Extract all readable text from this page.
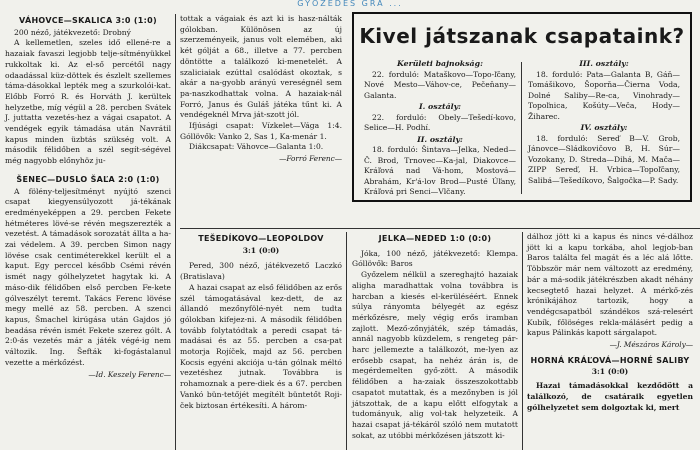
GYŐZEDES GRA ...
VÁHOVCE—SKALICA 3:0 (1:0)

200 néző, játékvezető: Drobný

A kellemetlen, szeles idő ellené-re a hazaiak favaszi legjobb telje-sítményükkel rukkoltak ki. Az el-ső percétől nagy odaadással küz-döttek és észlelt szellemes táma-dásokkal lepték meg a szurkolói-kat. Előbb Forró R. és Horváth J. kerültek helyzetbe, míg végül a 28. percben Svátek J. juttatta vezetés-hez a vágai csapatot. A vendégek egyik támadása után Navrátil kapus minden üzbtás szükség volt. A második félidőben a szél segít-ségével még nagyobb előnyhöz ju-

ŠENEC—DUSLO ŠAĽA 2:0 (1:0)

A fölény-teljesítményt nyújtó szenci csapat kiegyensúlyozott já-tékának eredményeképpen a 29. percben Fekete hétméteres lövé-se révén megszerezték a vezetést. A támadások sorozatát állta a ha-zai védelem. A 39. percben Simon nagy lövése csak centiméterekkel került el a kaput. Egy perccel később Csémi révén ismét nagy gólhelyzetet hagytak ki. A máso-dik félidőben első percben Fe-kete gólveszélyt teremt. Takács Ferenc lövése megy mellé az 58. percben. A szenci kapus, Šmachel kirúgása után Gajdos jó beadása révén ismét Fekete szerez gólt. A 2:0-ás vezetés már a játék végé-ig nem változik. Ing. Šefták ki-fogástalanul vezette a mérkőzést.

—Id. Keszely Ferenc—

tottak a vágaiak és azt ki is hasz-nálták gólokban. Különösen az új szerzeményeik, janus volt elemében, aki két gólját a 68., illetve a 77. percben döntötte a találkozó ki-menetelét. A szaliciaiak ezúttal csalódást okoztak, s akár a na-gyobb arányú vereségnél sem pa-naszkodhattak volna. A hazaiak-nál Forró, Janus és Guláš játéka tűnt ki. A vendégeknél Mrva ját-szott jól.

Ifjúsági csapat: Vízkelet—Vága 1:4. Góllövők: Vanko 2, Sas 1, Ka-menár 1.

Diákcsapat: Váhovce—Galanta 1:0.

—Forró Ferenc—
Kivel játszanak csapataink?
Kerületi bajnokság:

22. forduló: Mataškovo—Topo-ľčany, Nové Mesto—Váhov-ce, Pečeňany—Galanta.

I. osztály:

22. forduló: Obely—Tešedí-kovo, Selice—H. Podhí.

II. osztály:

18. forduló: Šintava—Jelka, Neded—Č. Brod, Trnovec—Ka-jal, Diakovce—Kráľová nad Vá-hom, Mostová—Abrahám, Kr'á-lov Brod—Pusté Úľany, Kráľová pri Senci—Vlčany.

III. osztály:

18. forduló: Pata—Galanta B, Gáň—Tomášikovo, Šoporňa—Čierna Voda, Dolné Saliby—Re-ca, Vinohrady—Topoľnica, Košúty—Veča, Hody—Žiharec.

IV. osztály:

18. forduló: Sereď B—V. Grob, Jánovce—Sládkovičovo B, H. Súr—Vozokany, D. Streda—Dihá, M. Mača—ZIPP Sereď, H. Vrbica—Topoľčany, Salibá—Tešedíkovo, Šalgočka—P. Sady.

TEŠEDÍKOVO—LEOPOLDOV
3:1 (0:0)

Pered, 300 néző, játékvezető Laczkó (Bratislava)

A hazai csapat az első félidőben az erős szél támogatásával kez-dett, de az állandó mezőnyfölé-nyét nem tudta gólokban kifejez-ni. A második félidőben tovább folytatódtak a peredi csapat tá-madásai és az 55. percben a csa-pat motorja Rojíček, majd az 56. percben Kocsis egyéni akciója u-tán gólnak méltó vezetéshez jutnak. Továbbra is rohamoznak a pere-diek és a 67. percben Vankó bün-tetőjét megítélt büntetőt Roji-ček biztosan értékesíti. A három-

JELKA—NEDED 1:0 (0:0)

Jóka, 100 néző, játékvezető: Klempa. Góllövők: Baros

Győzelem nélkül a szereghajtó hazaiak aligha maradhattak volna továbbra is harcban a kiesés el-kerüléséért. Ennek súlya rányomta bélyegét az egész mérkőzésre, mely végig erős iramban zajlott. Mező-zőnyjáték, szép támadás, annál nagyobb küzdelem, s rengeteg pár-harc jellemezte a találkozót, me-lyen az erősebb csapat, ha nehéz árán is, de megérdemelten győ-zött. A második félidőben a ha-zaiak összeszokottabb csapatot mutattak, és a mezőnyben is jól játszottak, de a kapu előtt elfogytak a tudományuk, alig vol-tak helyzeteik. A hazai csapat já-tékáról szóló nem mutatott sokat, az utóbbi mérkőzésen játszott ki-

dálhoz jött ki a kapus és nincs vé-dálhoz jött ki a kapu torkába, ahol legjob-ban Baros találta fel magát és a léc alá lőtte. Többször már nem változott az eredmény, bár a má-sodik játékrészben akadt néhány kecsegtető hazai helyzet. A mérkő-zés krónikájához tartozik, hogy a vendégcsapatból szándékos szá-relesért Kubík, főlöséges rekla-málásért pedig a kapus Pálinkás kapott sárgalapot.

—J. Mészáros Károly—
HORNÁ KRÁĽOVÁ—HORNÉ SALIBY
3:1 (0:0)

Hazai támadásokkal kezdődött a találkozó, de csatáraik egyetlen gólhelyzetet sem dolgoztak ki, mert
